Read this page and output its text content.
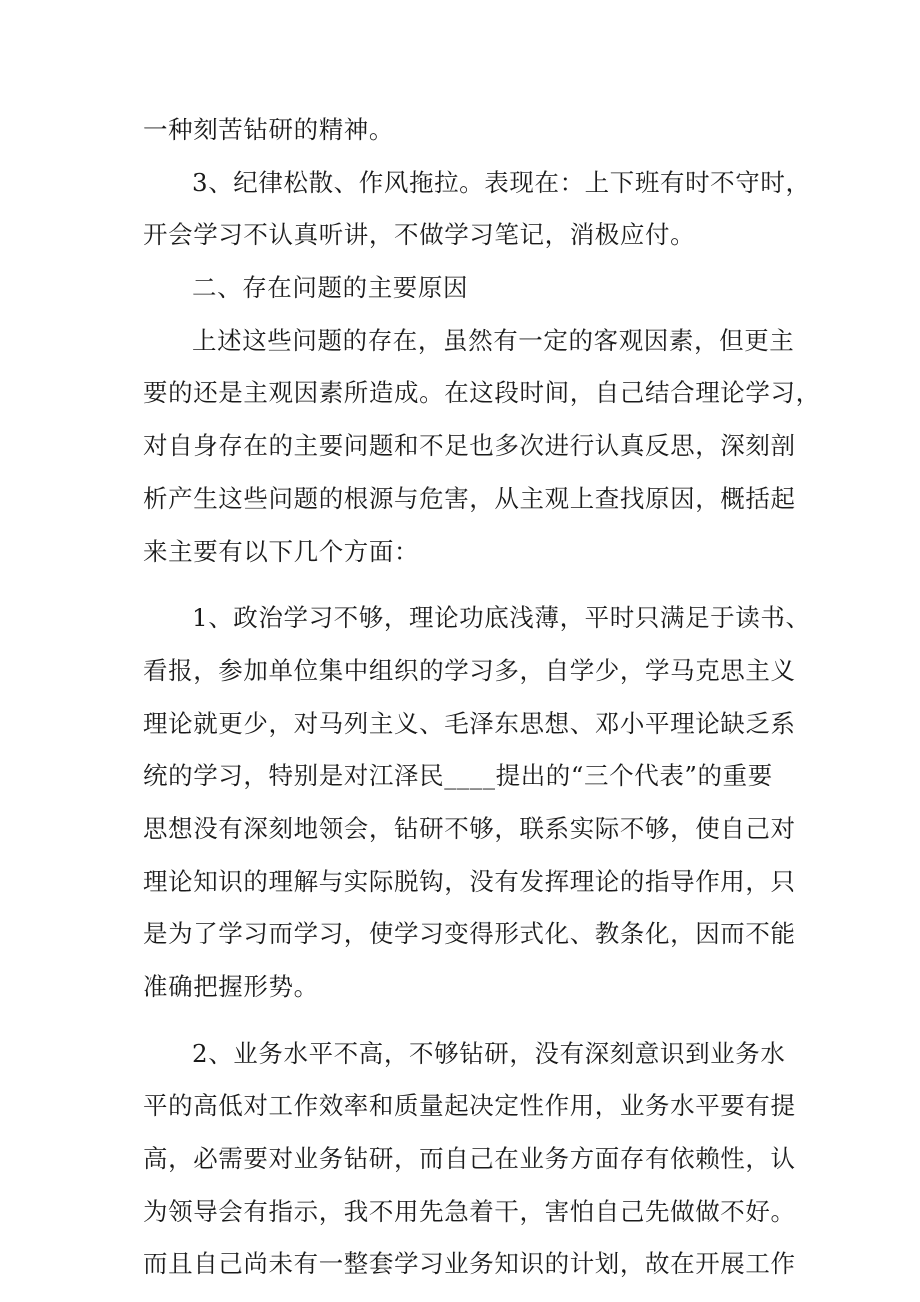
一种刻苦钻研的精神。
3、纪律松散、作风拖拉。表现在：上下班有时不守时，
开会学习不认真听讲，不做学习笔记，消极应付。
二、存在问题的主要原因
上述这些问题的存在，虽然有一定的客观因素，但更主
要的还是主观因素所造成。在这段时间，自己结合理论学习，
对自身存在的主要问题和不足也多次进行认真反思，深刻剖
析产生这些问题的根源与危害，从主观上查找原因，概括起
来主要有以下几个方面：
1、政治学习不够，理论功底浅薄，平时只满足于读书、
看报，参加单位集中组织的学习多，自学少，学马克思主义
理论就更少，对马列主义、毛泽东思想、邓小平理论缺乏系
统的学习，特别是对江泽民____提出的“三个代表”的重要
思想没有深刻地领会，钻研不够，联系实际不够，使自己对
理论知识的理解与实际脱钩，没有发挥理论的指导作用，只
是为了学习而学习，使学习变得形式化、教条化，因而不能
准确把握形势。
2、业务水平不高，不够钻研，没有深刻意识到业务水
平的高低对工作效率和质量起决定性作用，业务水平要有提
高，必需要对业务钻研，而自己在业务方面存有依赖性，认
为领导会有指示，我不用先急着干，害怕自己先做做不好。
而且自己尚未有一整套学习业务知识的计划，故在开展工作
